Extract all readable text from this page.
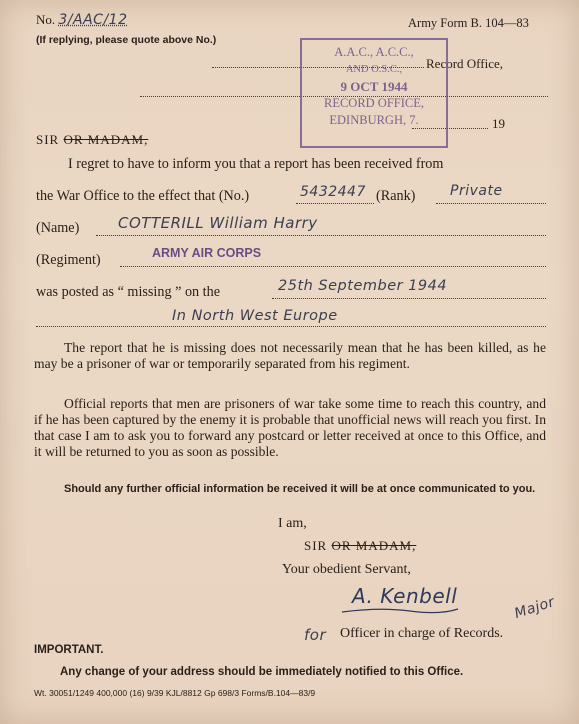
No. 3/AAC/12
(If replying, please quote above No.)
Army Form B. 104—83
Record Office,
19
A.A.C., A.C.C.,
AND O.S.C.,
9 OCT 1944
RECORD OFFICE,
EDINBURGH, 7.
SIR OR MADAM,
I regret to have to inform you that a report has been received from
the War Office to the effect that (No.)	5432447 (Rank) Private
(Name)	COTTERILL William Harry
(Regiment)	ARMY AIR CORPS
was posted as “ missing ” on the	25th September 1944
In North West Europe

The report that he is missing does not necessarily mean that he has been killed, as he may be a prisoner of war or temporarily separated from his regiment.

Official reports that men are prisoners of war take some time to reach this country, and if he has been captured by the enemy it is probable that unofficial news will reach you first. In that case I am to ask you to forward any postcard or letter received at once to this Office, and it will be returned to you as soon as possible.

Should any further official information be received it will be at once communicated to you.

I am,
SIR OR MADAM,
Your obedient Servant,
A. Kenbell	Major
for Officer in charge of Records.
IMPORTANT.
Any change of your address should be immediately notified to this Office.
Wt. 30051/1249 400,000 (16) 9/39 KJL/8812 Gp 698/3 Forms/B.104—83/9
